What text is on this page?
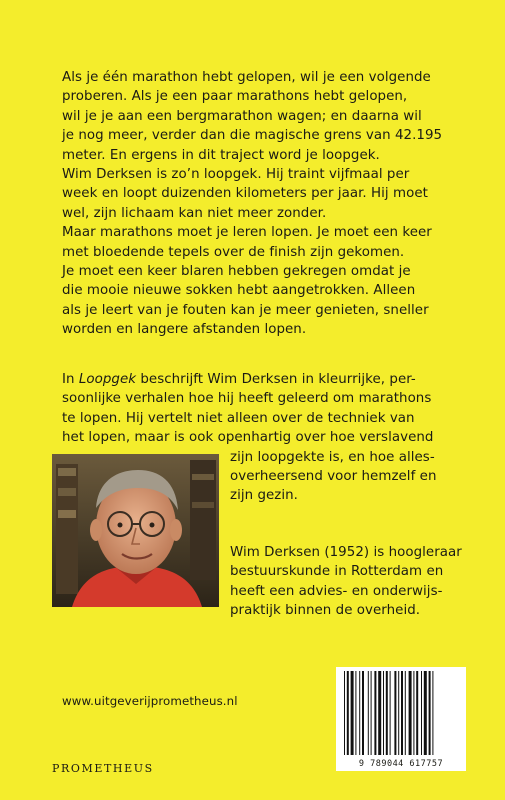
Als je één marathon hebt gelopen, wil je een volgende
proberen. Als je een paar marathons hebt gelopen,
wil je je aan een bergmarathon wagen; en daarna wil
je nog meer, verder dan die magische grens van 42.195
meter. En ergens in dit traject word je loopgek.
Wim Derksen is zo’n loopgek. Hij traint vijfmaal per
week en loopt duizenden kilometers per jaar. Hij moet
wel, zijn lichaam kan niet meer zonder.
Maar marathons moet je leren lopen. Je moet een keer
met bloedende tepels over de finish zijn gekomen.
Je moet een keer blaren hebben gekregen omdat je
die mooie nieuwe sokken hebt aangetrokken. Alleen
als je leert van je fouten kan je meer genieten, sneller
worden en langere afstanden lopen.

In Loopgek beschrijft Wim Derksen in kleurrijke, per-
soonlijke verhalen hoe hij heeft geleerd om marathons
te lopen. Hij vertelt niet alleen over de techniek van
het lopen, maar is ook openhartig over hoe verslavend
zijn loopgekte is, en hoe alles-
overheersend voor hemzelf en
zijn gezin.

Wim Derksen (1952) is hoogleraar
bestuurskunde in Rotterdam en
heeft een advies- en onderwijs-
praktijk binnen de overheid.

www.uitgeverijprometheus.nl
PROMETHEUS	9 789044 617757
